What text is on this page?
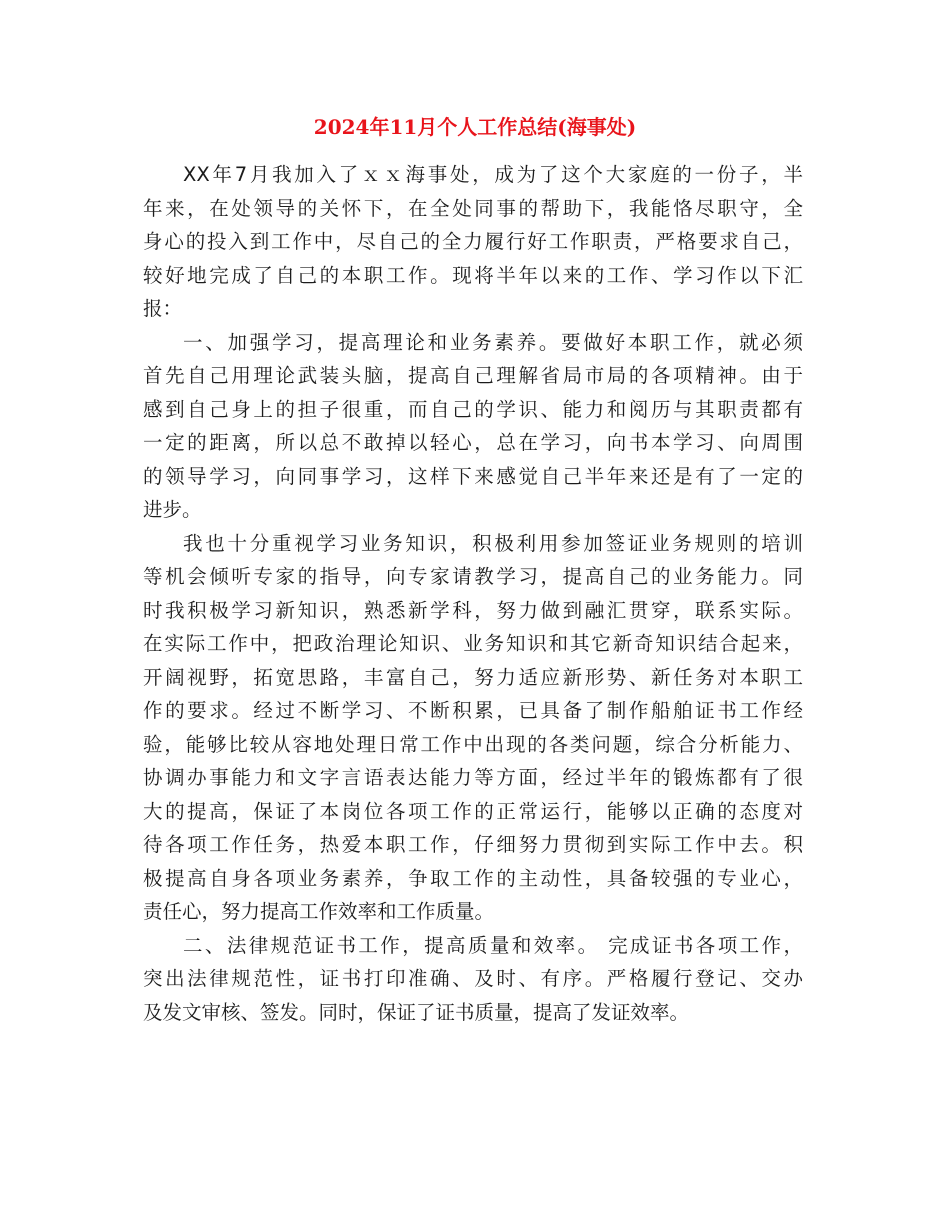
2024年11月个人工作总结(海事处)
XX年7月我加入了ｘｘ海事处，成为了这个大家庭的一份子，半
年来，在处领导的关怀下，在全处同事的帮助下，我能恪尽职守，全
身心的投入到工作中，尽自己的全力履行好工作职责，严格要求自己，
较好地完成了自己的本职工作。现将半年以来的工作、学习作以下汇
报：
一、加强学习，提高理论和业务素养。要做好本职工作，就必须
首先自己用理论武装头脑，提高自己理解省局市局的各项精神。由于
感到自己身上的担子很重，而自己的学识、能力和阅历与其职责都有
一定的距离，所以总不敢掉以轻心，总在学习，向书本学习、向周围
的领导学习，向同事学习，这样下来感觉自己半年来还是有了一定的
进步。
我也十分重视学习业务知识，积极利用参加签证业务规则的培训
等机会倾听专家的指导，向专家请教学习，提高自己的业务能力。同
时我积极学习新知识，熟悉新学科，努力做到融汇贯穿，联系实际。
在实际工作中，把政治理论知识、业务知识和其它新奇知识结合起来，
开阔视野，拓宽思路，丰富自己，努力适应新形势、新任务对本职工
作的要求。经过不断学习、不断积累，已具备了制作船舶证书工作经
验，能够比较从容地处理日常工作中出现的各类问题，综合分析能力、
协调办事能力和文字言语表达能力等方面，经过半年的锻炼都有了很
大的提高，保证了本岗位各项工作的正常运行，能够以正确的态度对
待各项工作任务，热爱本职工作，仔细努力贯彻到实际工作中去。积
极提高自身各项业务素养，争取工作的主动性，具备较强的专业心，
责任心，努力提高工作效率和工作质量。
二、法律规范证书工作，提高质量和效率。 完成证书各项工作，
突出法律规范性，证书打印准确、及时、有序。严格履行登记、交办
及发文审核、签发。同时，保证了证书质量，提高了发证效率。
